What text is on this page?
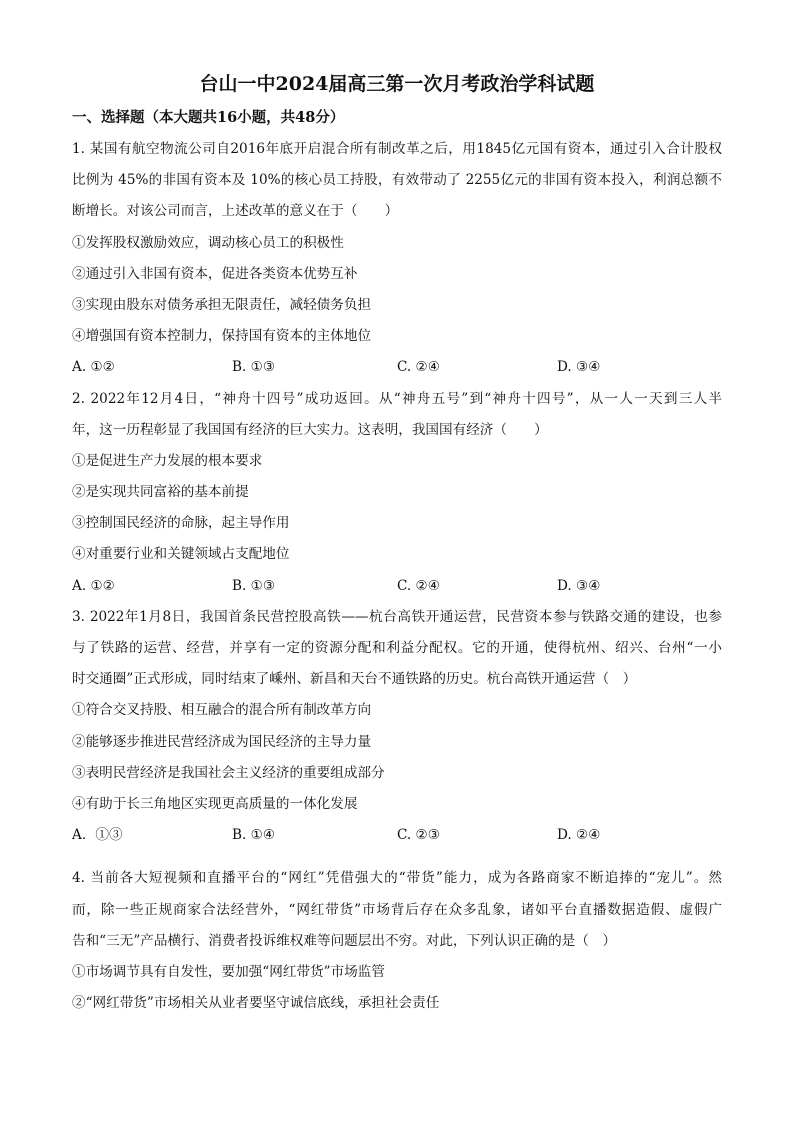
台山一中2024届高三第一次月考政治学科试题
一、选择题（本大题共16小题，共48分）
1. 某国有航空物流公司自2016年底开启混合所有制改革之后，用1845亿元国有资本，通过引入合计股权
比例为 45%的非国有资本及 10%的核心员工持股，有效带动了 2255亿元的非国有资本投入，利润总额不
断增长。对该公司而言，上述改革的意义在于（　　）
①发挥股权激励效应，调动核心员工的积极性
②通过引入非国有资本，促进各类资本优势互补
③实现由股东对债务承担无限责任，减轻债务负担
④增强国有资本控制力，保持国有资本的主体地位
A. ①②	B. ①③	C. ②④	D. ③④
2. 2022年12月4日，“神舟十四号”成功返回。从“神舟五号”到“神舟十四号”，从一人一天到三人半
年，这一历程彰显了我国国有经济的巨大实力。这表明，我国国有经济（　　）
①是促进生产力发展的根本要求
②是实现共同富裕的基本前提
③控制国民经济的命脉，起主导作用
④对重要行业和关键领域占支配地位
A. ①②	B. ①③	C. ②④	D. ③④
3. 2022年1月8日，我国首条民营控股高铁——杭台高铁开通运营，民营资本参与铁路交通的建设，也参
与了铁路的运营、经营，并享有一定的资源分配和利益分配权。它的开通，使得杭州、绍兴、台州“一小
时交通圈”正式形成，同时结束了嵊州、新昌和天台不通铁路的历史。杭台高铁开通运营（　）
①符合交叉持股、相互融合的混合所有制改革方向
②能够逐步推进民营经济成为国民经济的主导力量
③表明民营经济是我国社会主义经济的重要组成部分
④有助于长三角地区实现更高质量的一体化发展
A．①③	B. ①④	C. ②③	D. ②④
4. 当前各大短视频和直播平台的“网红”凭借强大的“带货”能力，成为各路商家不断追捧的“宠儿”。然
而，除一些正规商家合法经营外，“网红带货”市场背后存在众多乱象，诸如平台直播数据造假、虚假广
告和“三无”产品横行、消费者投诉维权难等问题层出不穷。对此，下列认识正确的是（　）
①市场调节具有自发性，要加强“网红带货”市场监管
②“网红带货”市场相关从业者要坚守诚信底线，承担社会责任
